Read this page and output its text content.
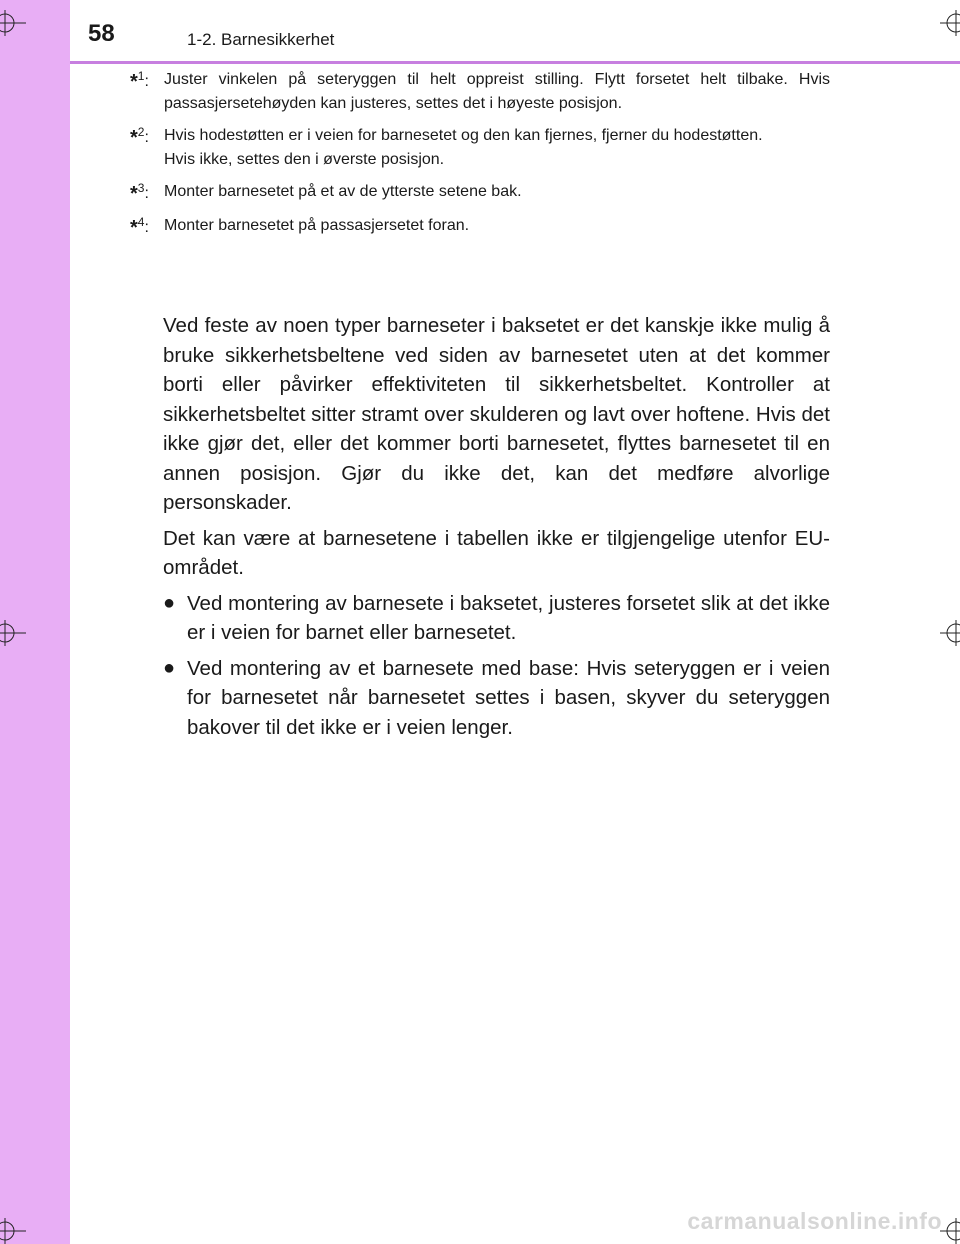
58	1-2. Barnesikkerhet
*$^1$: Juster vinkelen på seteryggen til helt oppreist stilling. Flytt forsetet helt tilbake. Hvis passasjersetehøyden kan justeres, settes det i høyeste posisjon.

*$^2$: Hvis hodestøtten er i veien for barnesetet og den kan fjernes, fjerner du hodestøtten.

Hvis ikke, settes den i øverste posisjon.

*$^3$: Monter barnesetet på et av de ytterste setene bak.

*$^4$: Monter barnesetet på passasjersetet foran.

Ved feste av noen typer barneseter i baksetet er det kanskje ikke mulig å bruke sikkerhetsbeltene ved siden av barnesetet uten at det kommer borti eller påvirker effektiviteten til sikkerhetsbeltet. Kontroller at sikkerhetsbeltet sitter stramt over skulderen og lavt over hoftene. Hvis det ikke gjør det, eller det kommer borti barnesetet, flyttes barnesetet til en annen posisjon. Gjør du ikke det, kan det medføre alvorlige personskader.

Det kan være at barnesetene i tabellen ikke er tilgjengelige utenfor EU-området.

● Ved montering av barnesete i baksetet, justeres forsetet slik at det ikke er i veien for barnet eller barnesetet.
● Ved montering av et barnesete med base: Hvis seteryggen er i veien for barnesetet når barnesetet settes i basen, skyver du seteryggen bakover til det ikke er i veien lenger.
carmanualsonline.info
